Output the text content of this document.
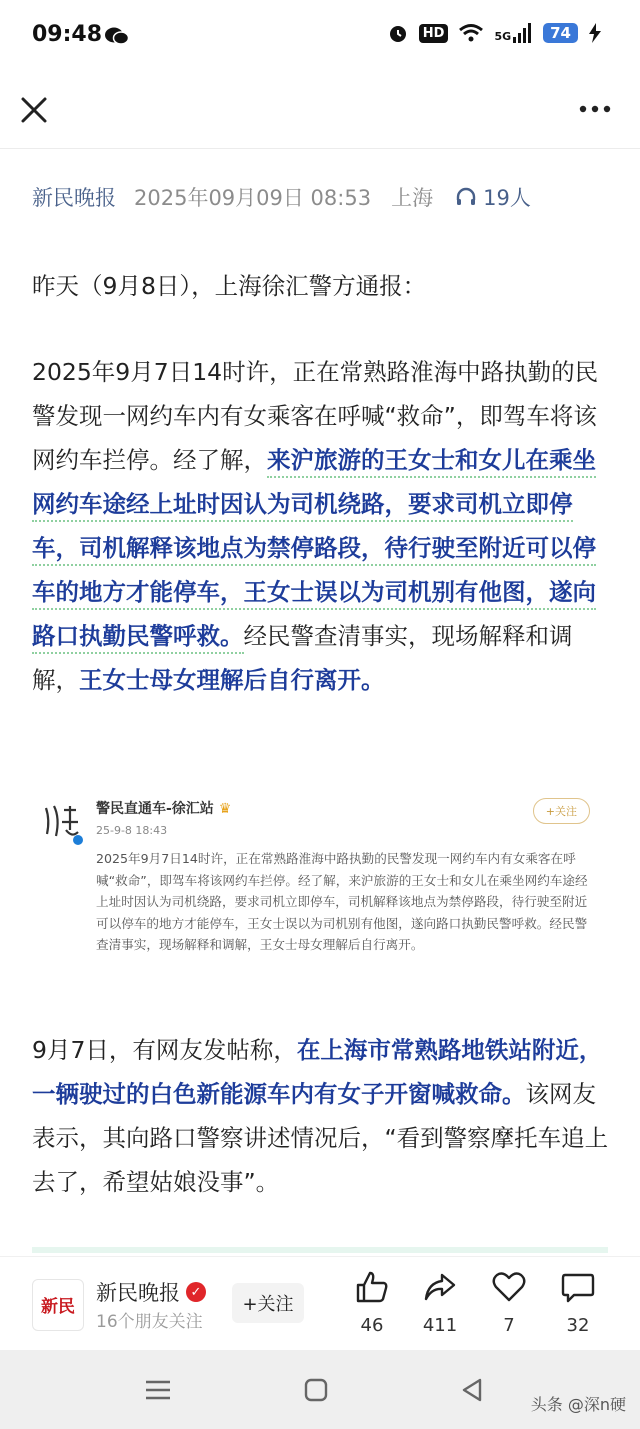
09:48	HD	5G	74
新民晚报 2025年09月09日 08:53 上海 19人

昨天（9月8日），上海徐汇警方通报：

2025年9月7日14时许，正在常熟路淮海中路执勤的民警发现一网约车内有女乘客在呼喊“救命”，即驾车将该网约车拦停。经了解，来沪旅游的王女士和女儿在乘坐网约车途经上址时因认为司机绕路，要求司机立即停车，司机解释该地点为禁停路段，待行驶至附近可以停车的地方才能停车，王女士误以为司机别有他图，遂向路口执勤民警呼救。经民警查清事实，现场解释和调解，王女士母女理解后自行离开。

警民直通车-徐汇站 ♛
25-9-8 18:43
+关注

2025年9月7日14时许，正在常熟路淮海中路执勤的民警发现一网约车内有女乘客在呼喊“救命”，即驾车将该网约车拦停。经了解，来沪旅游的王女士和女儿在乘坐网约车途经上址时因认为司机绕路，要求司机立即停车，司机解释该地点为禁停路段，待行驶至附近可以停车的地方才能停车，王女士误以为司机别有他图，遂向路口执勤民警呼救。经民警查清事实，现场解释和调解，王女士母女理解后自行离开。

9月7日，有网友发帖称，在上海市常熟路地铁站附近，一辆驶过的白色新能源车内有女子开窗喊救命。该网友表示，其向路口警察讲述情况后，“看到警察摩托车追上去了，希望姑娘没事”。

新民
新民晚报 ✓
16个朋友关注
+关注
46	411	7	32
头条 @深n硬
